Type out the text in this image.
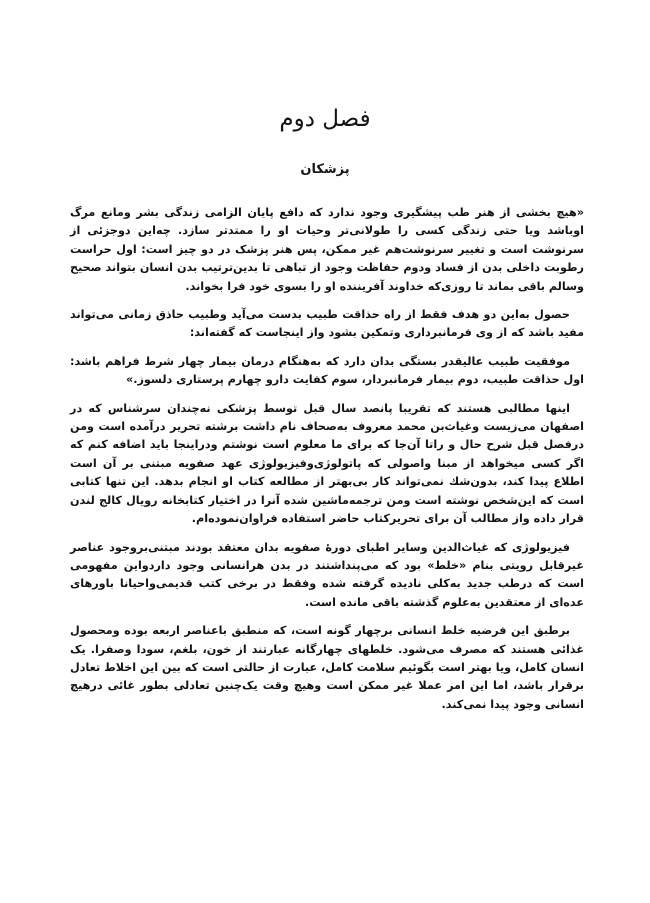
فصل دوم
پزشکان

«هیچ بخشی از هنر طب پیشگیری وجود ندارد که دافع پایان الزامی زندگی بشر ومانع مرگ اوباشد ویا حتی زندگی کسی را طولانی‌تر وحیات او را ممتدتر سازد. چه‌این دوجزئی از سرنوشت است و تغییر سرنوشت‌هم غیر ممکن، پس هنر پزشک در دو چیز است: اول حراست رطوبت داخلی بدن از فساد ودوم حفاظت وجود از تباهی تا بدین‌ترتیب بدن انسان بتواند صحیح وسالم باقی بماند تا روزی‌که خداوند آفریننده او را بسوی خود فرا بخواند.

حصول به‌این دو هدف فقط از راه حذاقت طبیب بدست می‌آید وطبیب حاذق زمانی می‌تواند مفید باشد که از وی فرمانبرداری وتمکین بشود واز اینجاست که گفته‌اند:

موفقیت طبیب عالیقدر بستگی بدان دارد که به‌هنگام درمان بیمار چهار شرط فراهم باشد: اول حذاقت طبیب، دوم بیمار فرمانبردار، سوم کفایت دارو چهارم پرستاری دلسوز.»

اینها مطالبی هستند که تقریبا پانصد سال قبل توسط پزشکی نه‌چندان سرشناس که در اصفهان می‌زیست وغیاث‌بن محمد معروف به‌صحاف نام داشت برشته تحریر درآمده است ومن درفصل قبل شرح حال و راتا آن‌جا که برای ما معلوم است نوشتم ودراینجا باید اضافه کنم که اگر کسی میخواهد از مبنا واصولی که پاتولوژی‌وفیزیولوژی عهد صفویه مبتنی بر آن است اطلاع پیدا کند، بدون‌شك نمی‌تواند کار بی‌بهتر از مطالعه کتاب او انجام بدهد. این تنها کتابی است که این‌شخص نوشته است ومن ترجمه‌ماشین شده آنرا در اختیار کتابخانه رویال کالج لندن قرار داده واز مطالب آن برای تحریرکتاب حاضر استفاده فراوان‌نموده‌ام.

فیزیولوژی که غیاث‌الدین وسایر اطبای دورهٔ صفویه بدان معتقد بودند مبتنی‌بروجود عناصر غیرقابل رویتی بنام «خلط» بود که می‌پنداشتند در بدن هرانسانی وجود داردواین مفهومی است که درطب جدید به‌کلی نادیده گرفته شده وفقط در برخی کتب قدیمی‌واحیانا باورهای عده‌ای از معتقدین به‌علوم گذشته باقی مانده است.

برطبق این فرضیه خلط انسانی برچهار گونه است، که منطبق باعناصر اربعه بوده ومحصول غذائی هستند که مصرف می‌شود. خلطهای چهارگانه عبارتند از خون، بلغم، سودا وصفرا. یک انسان کامل، ویا بهتر است بگوئیم سلامت کامل، عبارت از حالتی است که بین این اخلاط تعادل برقرار باشد، اما این امر عملا غیر ممکن است وهیچ وقت یک‌چنین تعادلی بطور غائی درهیچ انسانی وجود پیدا نمی‌کند.
